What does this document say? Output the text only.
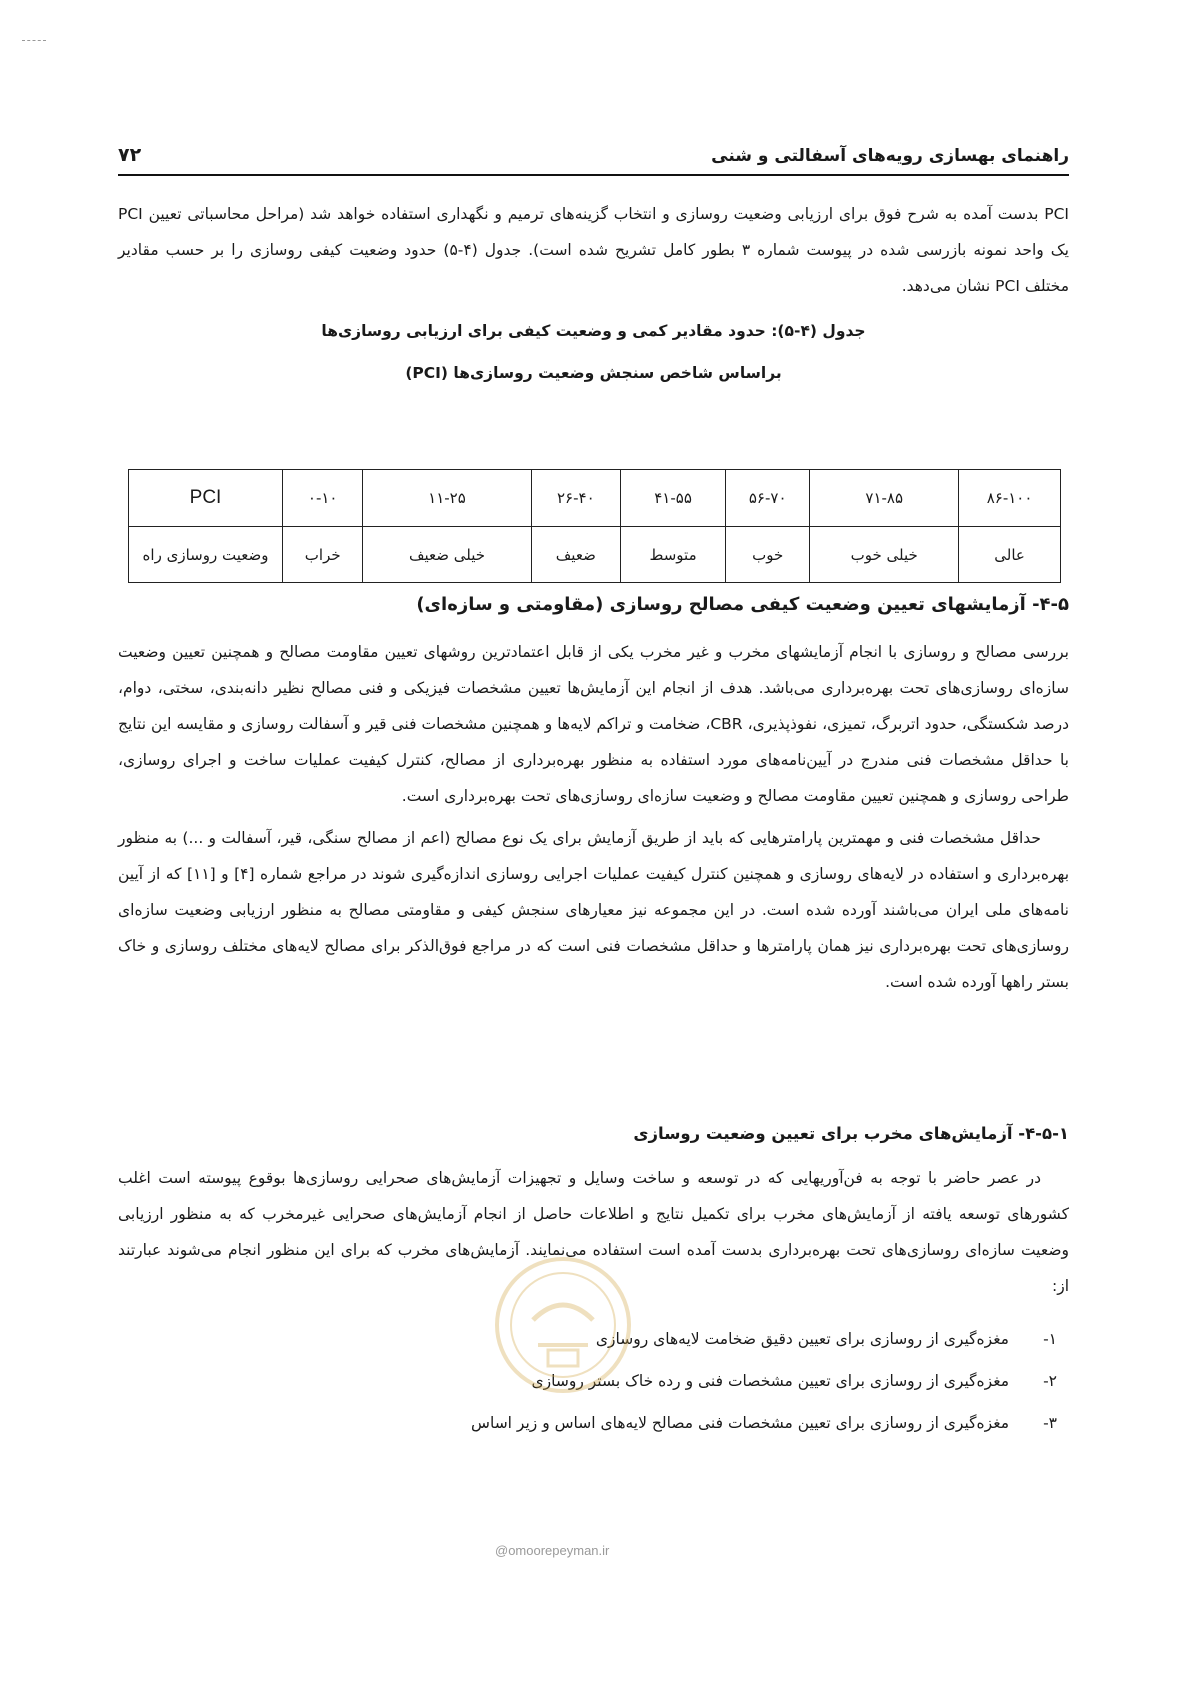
راهنمای بهسازی رویه‌های آسفالتی و شنی
۷۲

PCI بدست آمده به شرح فوق برای ارزیابی وضعیت روسازی و انتخاب گزینه‌های ترمیم و نگهداری استفاده خواهد شد (مراحل محاسباتی تعیین PCI یک واحد نمونه بازرسی شده در پیوست شماره ۳ بطور کامل تشریح شده است). جدول (۴-۵) حدود وضعیت کیفی روسازی را بر حسب مقادیر مختلف PCI نشان می‌دهد.

جدول (۴-۵): حدود مقادیر کمی و وضعیت کیفی برای ارزیابی روسازی‌ها
براساس شاخص سنجش وضعیت روسازی‌ها (PCI)
۸۶-۱۰۰	۷۱-۸۵	۵۶-۷۰	۴۱-۵۵	۲۶-۴۰	۱۱-۲۵	۰-۱۰	PCI
عالی	خیلی خوب	خوب	متوسط	ضعیف	خیلی ضعیف	خراب	وضعیت روسازی راه
۴-۵- آزمایشهای تعیین وضعیت کیفی مصالح روسازی (مقاومتی و سازه‌ای)

بررسی مصالح و روسازی با انجام آزمایشهای مخرب و غیر مخرب یکی از قابل اعتمادترین روشهای تعیین مقاومت مصالح و همچنین تعیین وضعیت سازه‌ای روسازی‌های تحت بهره‌برداری می‌باشد. هدف از انجام این آزمایش‌ها تعیین مشخصات فیزیکی و فنی مصالح نظیر دانه‌بندی، سختی، دوام، درصد شکستگی، حدود اتربرگ، تمیزی، نفوذپذیری، CBR، ضخامت و تراکم لایه‌ها و همچنین مشخصات فنی قیر و آسفالت روسازی و مقایسه این نتایج با حداقل مشخصات فنی مندرج در آیین‌نامه‌های مورد استفاده به منظور بهره‌برداری از مصالح، کنترل کیفیت عملیات ساخت و اجرای روسازی، طراحی روسازی و همچنین تعیین مقاومت مصالح و وضعیت سازه‌ای روسازی‌های تحت بهره‌برداری است.

حداقل مشخصات فنی و مهمترین پارامترهایی که باید از طریق آزمایش برای یک نوع مصالح (اعم از مصالح سنگی، قیر، آسفالت و ...) به منظور بهره‌برداری و استفاده در لایه‌های روسازی و همچنین کنترل کیفیت عملیات اجرایی روسازی اندازه‌گیری شوند در مراجع شماره [۴] و [۱۱] که از آیین نامه‌های ملی ایران می‌باشند آورده شده است. در این مجموعه نیز معیارهای سنجش کیفی و مقاومتی مصالح به منظور ارزیابی وضعیت سازه‌ای روسازی‌های تحت بهره‌برداری نیز همان پارامترها و حداقل مشخصات فنی است که در مراجع فوق‌الذکر برای مصالح لایه‌های مختلف روسازی و خاک بستر راهها آورده شده است.

۴-۵-۱- آزمایش‌های مخرب برای تعیین وضعیت روسازی

در عصر حاضر با توجه به فن‌آوریهایی که در توسعه و ساخت وسایل و تجهیزات آزمایش‌های صحرایی روسازی‌ها بوقوع پیوسته است اغلب کشورهای توسعه یافته از آزمایش‌های مخرب برای تکمیل نتایج و اطلاعات حاصل از انجام آزمایش‌های صحرایی غیرمخرب که به منظور ارزیابی وضعیت سازه‌ای روسازی‌های تحت بهره‌برداری بدست آمده است استفاده می‌نمایند. آزمایش‌های مخرب که برای این منظور انجام می‌شوند عبارتند از:

۱-
مغزه‌گیری از روسازی برای تعیین دقیق ضخامت لایه‌های روسازی
۲-
مغزه‌گیری از روسازی برای تعیین مشخصات فنی و رده خاک بستر روسازی
۳-
مغزه‌گیری از روسازی برای تعیین مشخصات فنی مصالح لایه‌های اساس و زیر اساس
@omoorepeyman.ir
